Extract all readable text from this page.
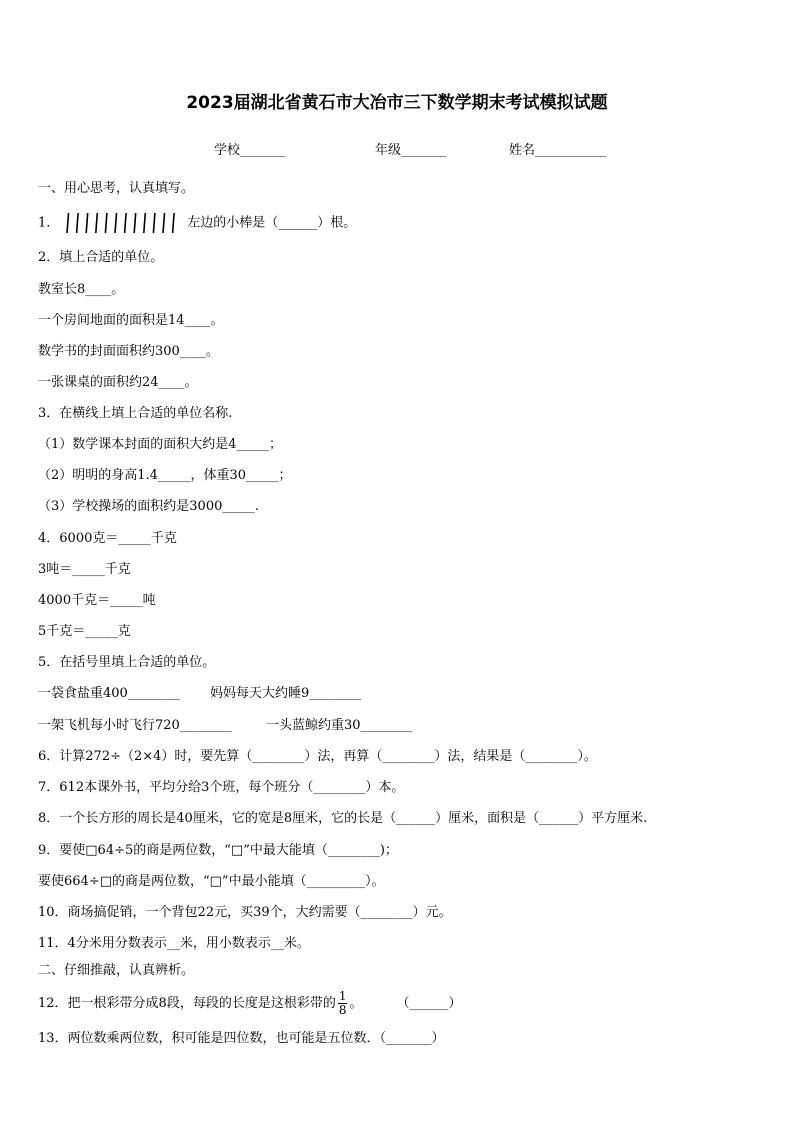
2023届湖北省黄石市大冶市三下数学期末考试模拟试题
学校_______	年级_______	姓名___________
一、用心思考，认真填写。
1．	左边的小棒是（______）根。
2．填上合适的单位。
教室长8____。
一个房间地面的面积是14____。
数学书的封面面积约300____。
一张课桌的面积约24____。
3．在横线上填上合适的单位名称.
（1）数学课本封面的面积大约是4_____；
（2）明明的身高1.4_____，体重30_____；
（3）学校操场的面积约是3000_____.
4．6000克＝_____千克
3吨＝_____千克
4000千克＝_____吨
5千克＝_____克
5．在括号里填上合适的单位。
一袋食盐重400________ 妈妈每天大约睡9________
一架飞机每小时飞行720________	一头蓝鲸约重30________
6．计算272÷（2×4）时，要先算（________）法，再算（________）法，结果是（________）。
7．612本课外书，平均分给3个班，每个班分（________）本。
8．一个长方形的周长是40厘米，它的宽是8厘米，它的长是（______）厘米，面积是（______）平方厘米.
9．要使□64÷5的商是两位数，“□”中最大能填（________)；
要使664÷□的商是两位数，“□”中最小能填（_________）。
10．商场搞促销，一个背包22元，买39个，大约需要（________）元。
11．4分米用分数表示__米，用小数表示__米。
二、仔细推敲，认真辨析。
12．把一根彩带分成8段，每段的长度是这根彩带的 $\frac{1}{8}$ 。	（______）
13．两位数乘两位数，积可能是四位数，也可能是五位数．（_______）
